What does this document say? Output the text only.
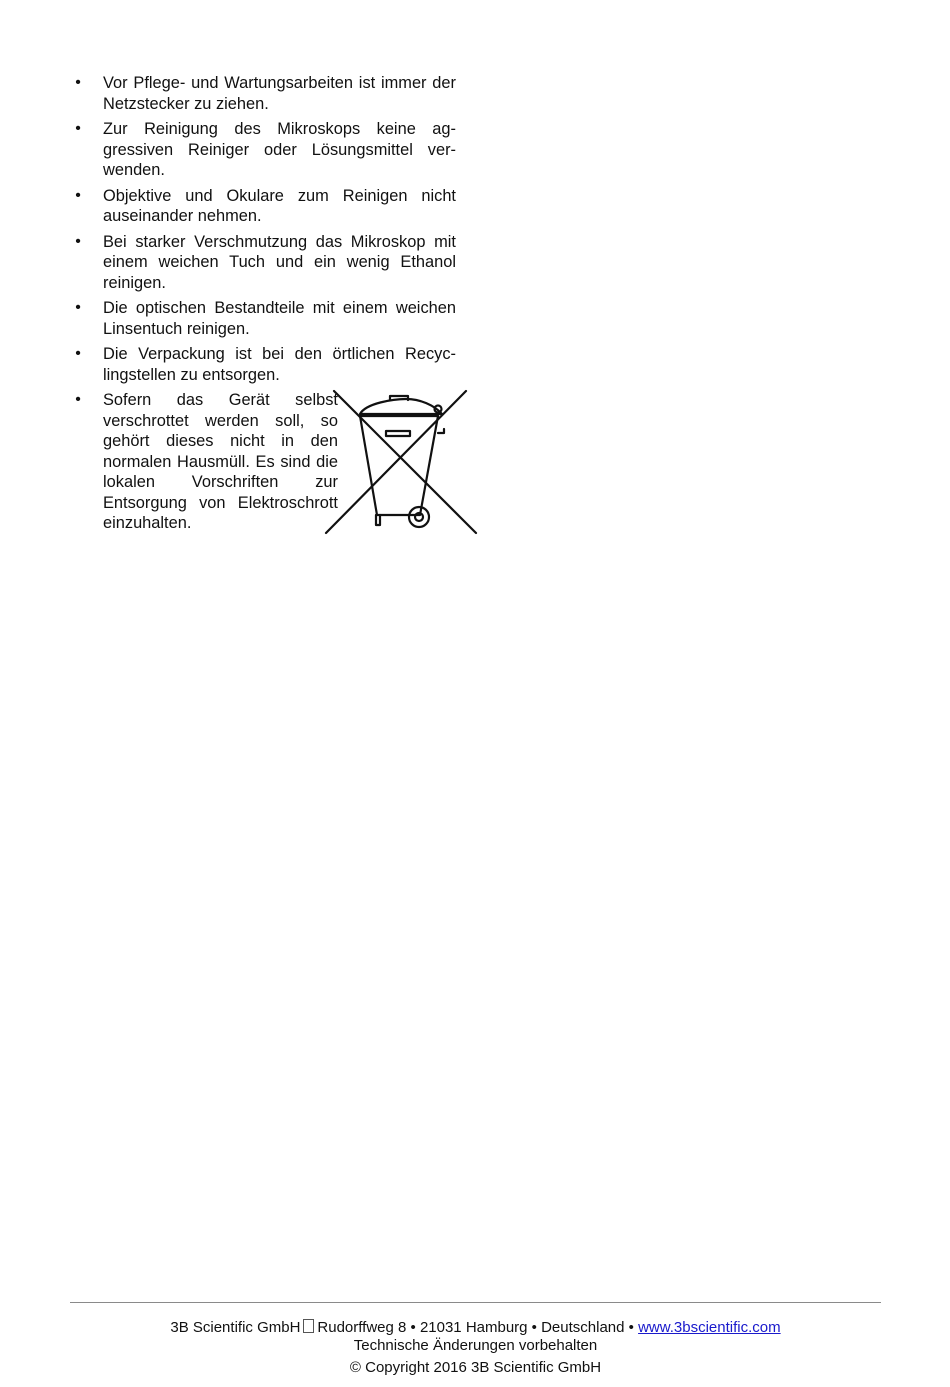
• Vor Pflege- und Wartungsarbeiten ist immer der Netzstecker zu ziehen.
• Zur Reinigung des Mikroskops keine aggressiven Reiniger oder Lösungsmittel verwenden.
• Objektive und Okulare zum Reinigen nicht auseinander nehmen.
• Bei starker Verschmutzung das Mikroskop mit einem weichen Tuch und ein wenig Ethanol reinigen.
• Die optischen Bestandteile mit einem weichen Linsentuch reinigen.
• Die Verpackung ist bei den örtlichen Recyclingstellen zu entsorgen.
• Sofern das Gerät selbst verschrottet werden soll, so gehört dieses nicht in den normalen Hausmüll. Es sind die lokalen Vorschriften zur Entsorgung von Elektroschrott einzuhalten.
3B Scientific GmbH Rudorffweg 8 • 21031 Hamburg • Deutschland • www.3bscientific.com
Technische Änderungen vorbehalten
© Copyright 2016 3B Scientific GmbH
